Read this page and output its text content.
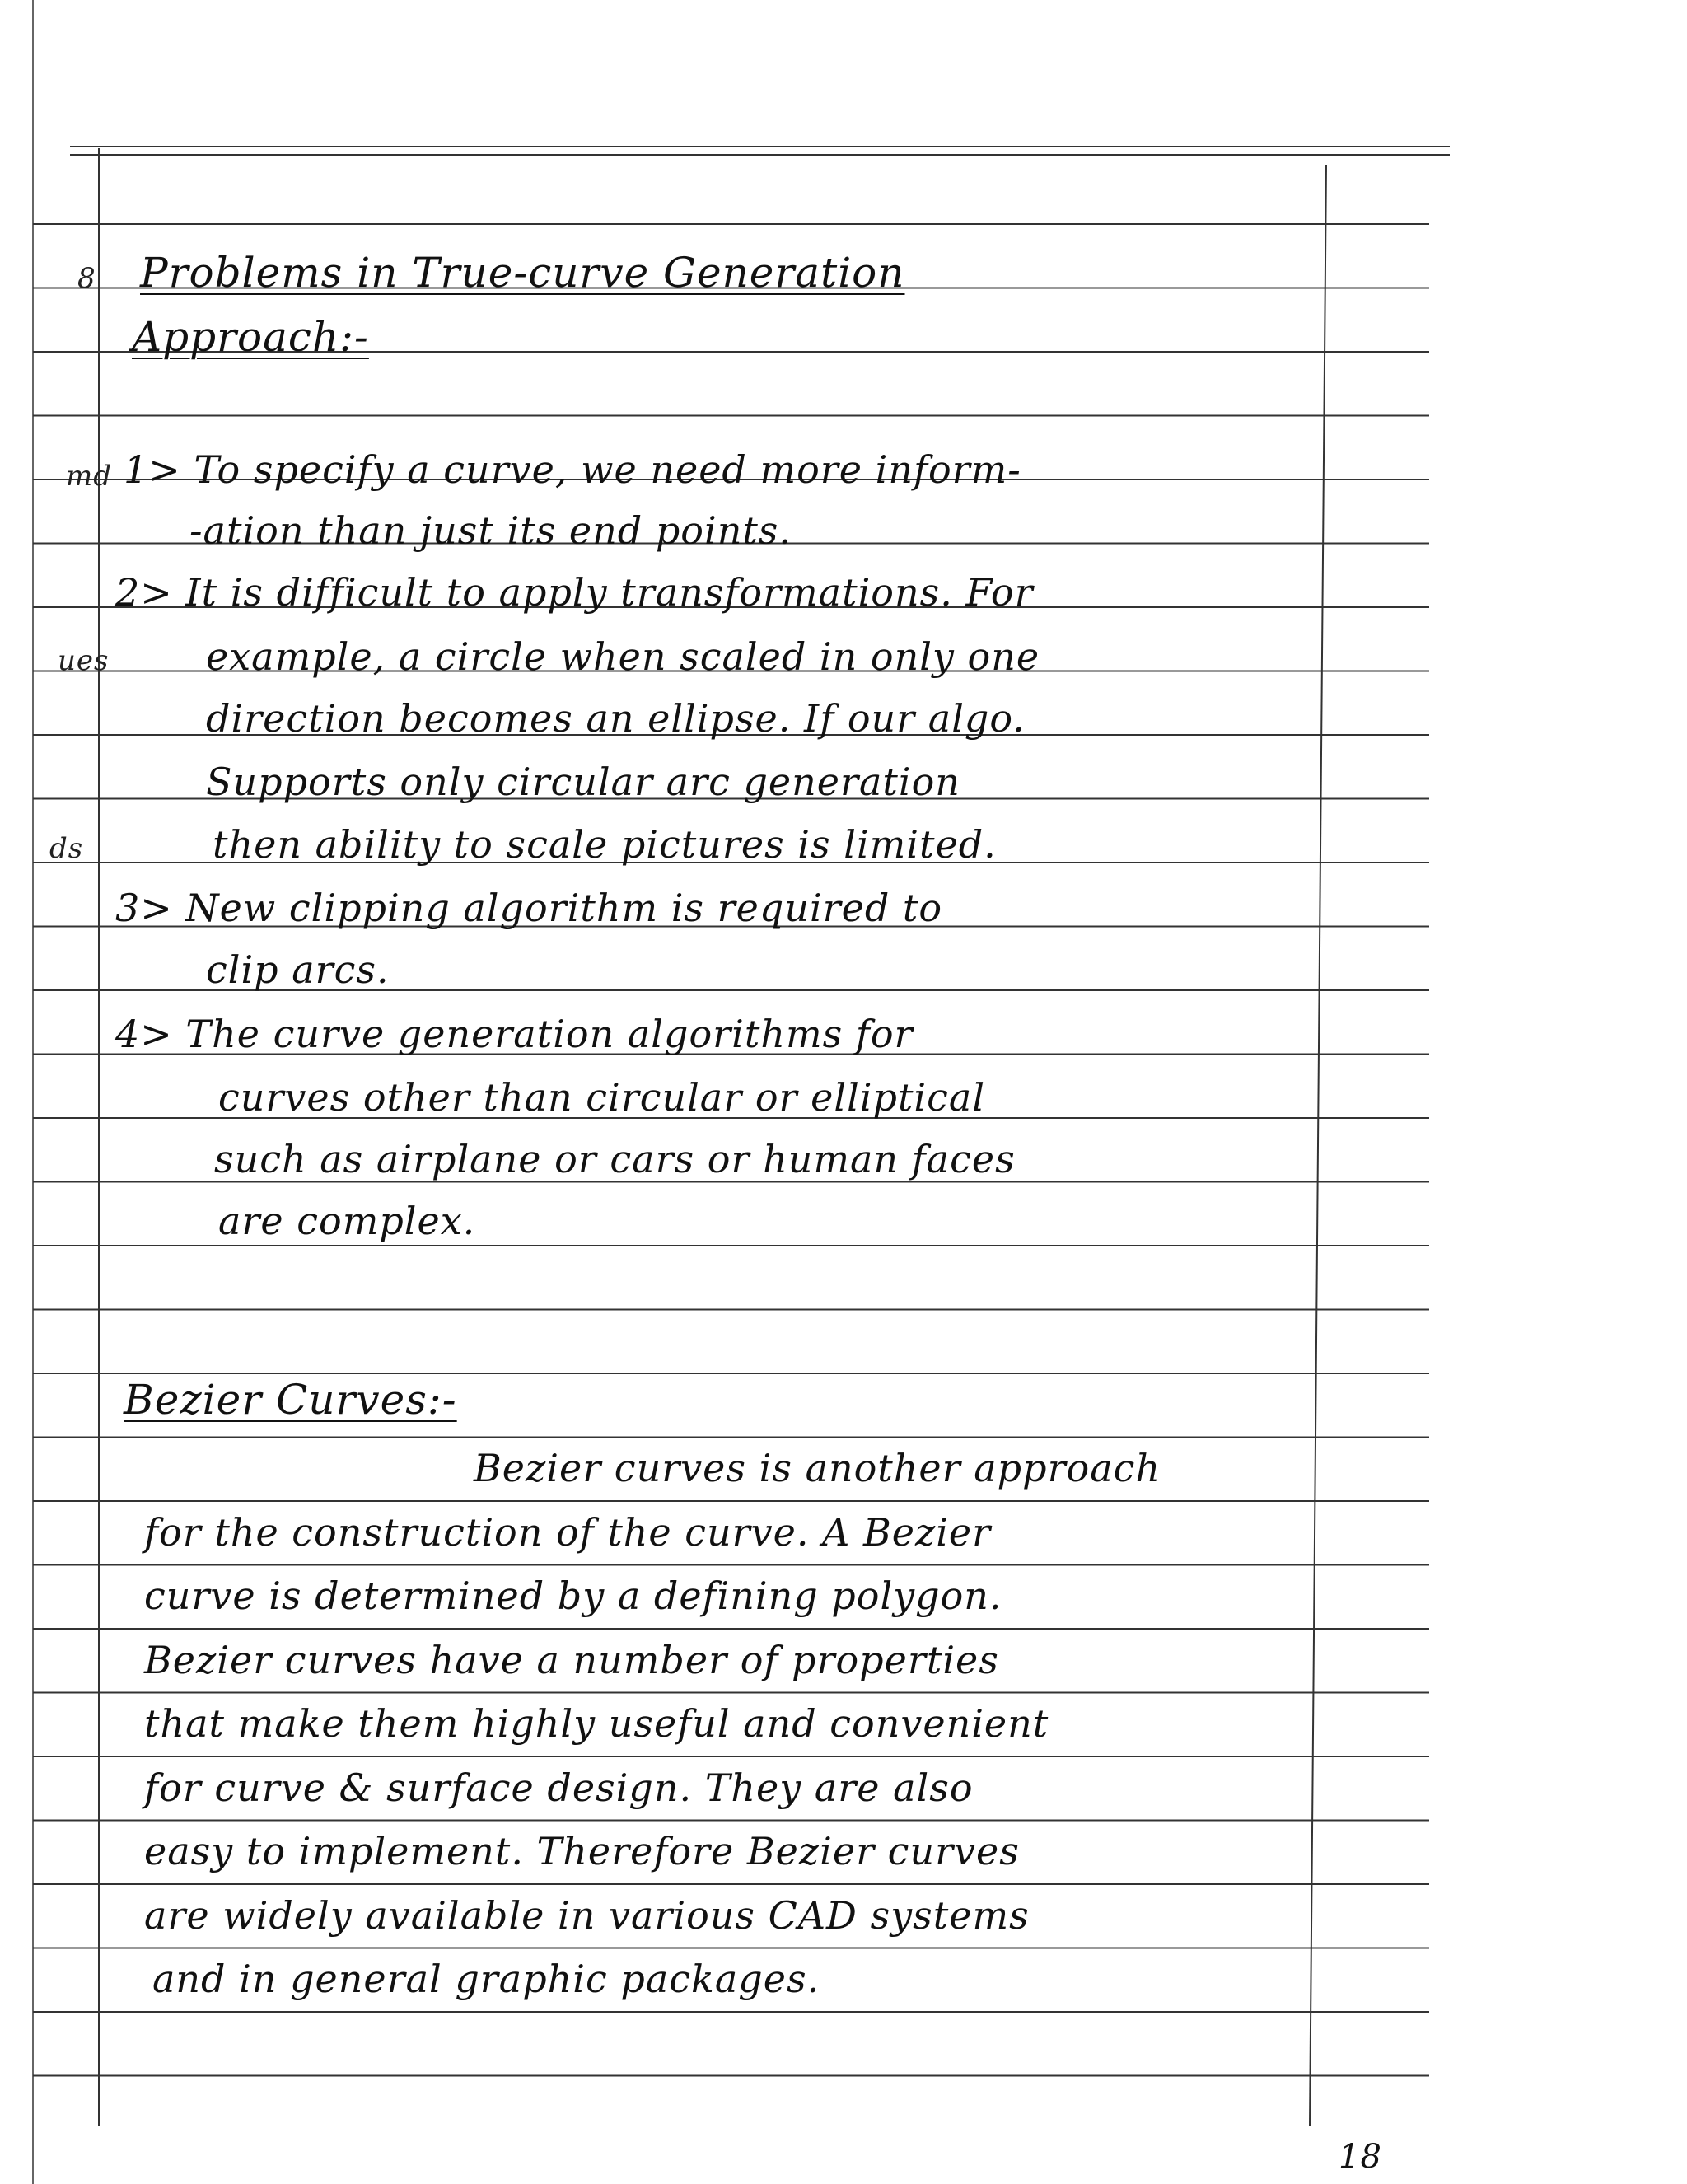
8 Problems in True-curve Generation
Approach:-
md 1> To specify a curve, we need more inform-
-ation than just its end points.
2> It is difficult to apply transformations. For
ues	example, a circle when scaled in only one
direction becomes an ellipse. If our algo.
Supports only circular arc generation
ds	then ability to scale pictures is limited.
3> New clipping algorithm is required to
clip arcs.
4> The curve generation algorithms for
curves other than circular or elliptical
such as airplane or cars or human faces
are complex.
Bezier Curves:-
Bezier curves is another approach
for the construction of the curve. A Bezier
curve is determined by a defining polygon.
Bezier curves have a number of properties
that make them highly useful and convenient
for curve & surface design. They are also
easy to implement. Therefore Bezier curves
are widely available in various CAD systems
and in general graphic packages.
18
